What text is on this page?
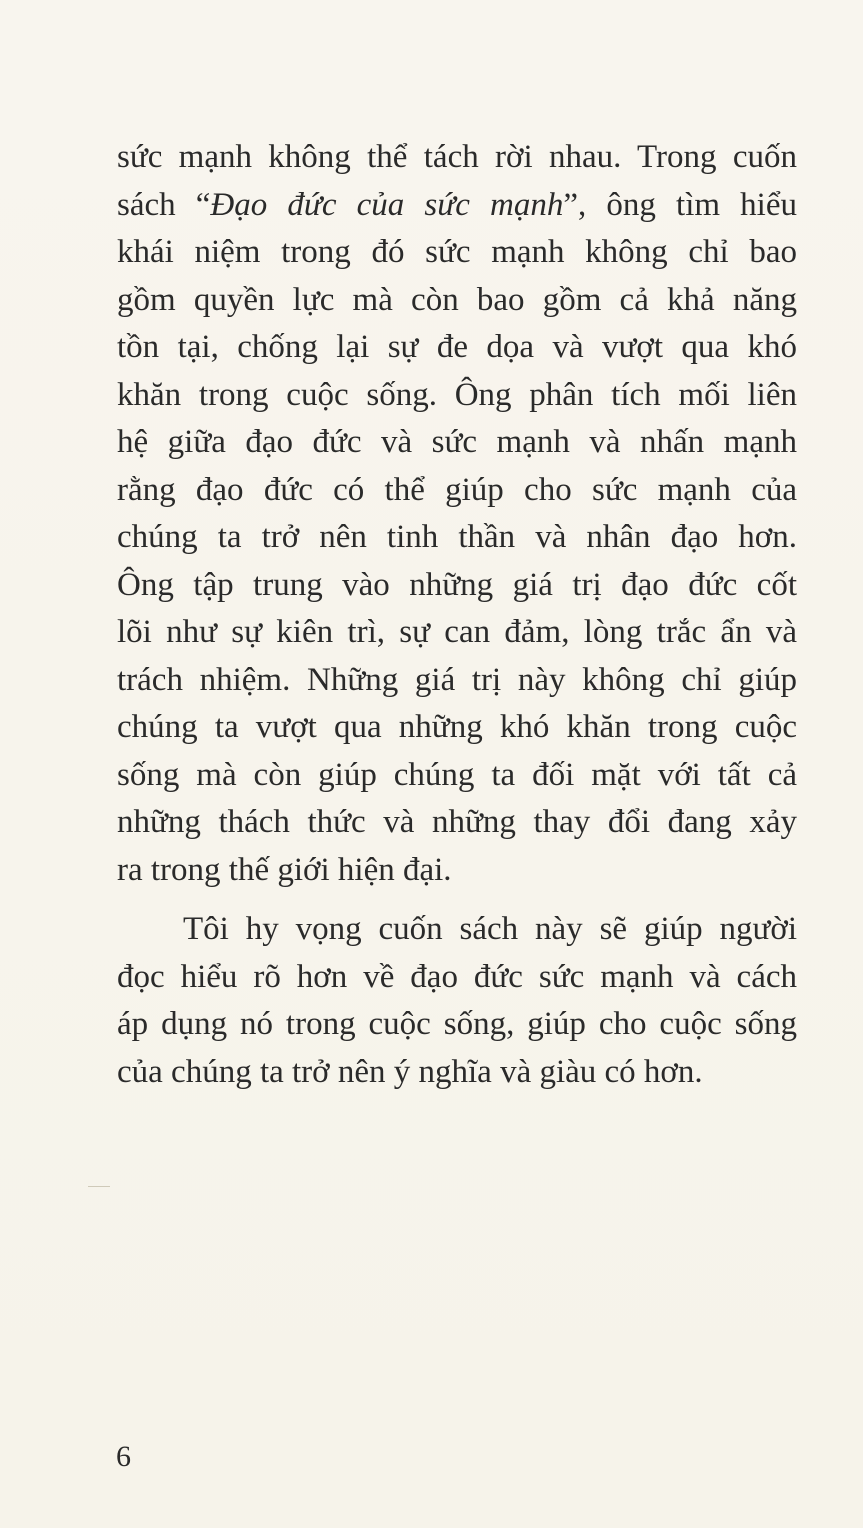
sức mạnh không thể tách rời nhau. Trong cuốn
sách “Đạo đức của sức mạnh”, ông tìm hiểu
khái niệm trong đó sức mạnh không chỉ bao
gồm quyền lực mà còn bao gồm cả khả năng
tồn tại, chống lại sự đe dọa và vượt qua khó
khăn trong cuộc sống. Ông phân tích mối liên
hệ giữa đạo đức và sức mạnh và nhấn mạnh
rằng đạo đức có thể giúp cho sức mạnh của
chúng ta trở nên tinh thần và nhân đạo hơn.
Ông tập trung vào những giá trị đạo đức cốt
lõi như sự kiên trì, sự can đảm, lòng trắc ẩn và
trách nhiệm. Những giá trị này không chỉ giúp
chúng ta vượt qua những khó khăn trong cuộc
sống mà còn giúp chúng ta đối mặt với tất cả
những thách thức và những thay đổi đang xảy
ra trong thế giới hiện đại.
Tôi hy vọng cuốn sách này sẽ giúp người
đọc hiểu rõ hơn về đạo đức sức mạnh và cách
áp dụng nó trong cuộc sống, giúp cho cuộc sống
của chúng ta trở nên ý nghĩa và giàu có hơn.
6
